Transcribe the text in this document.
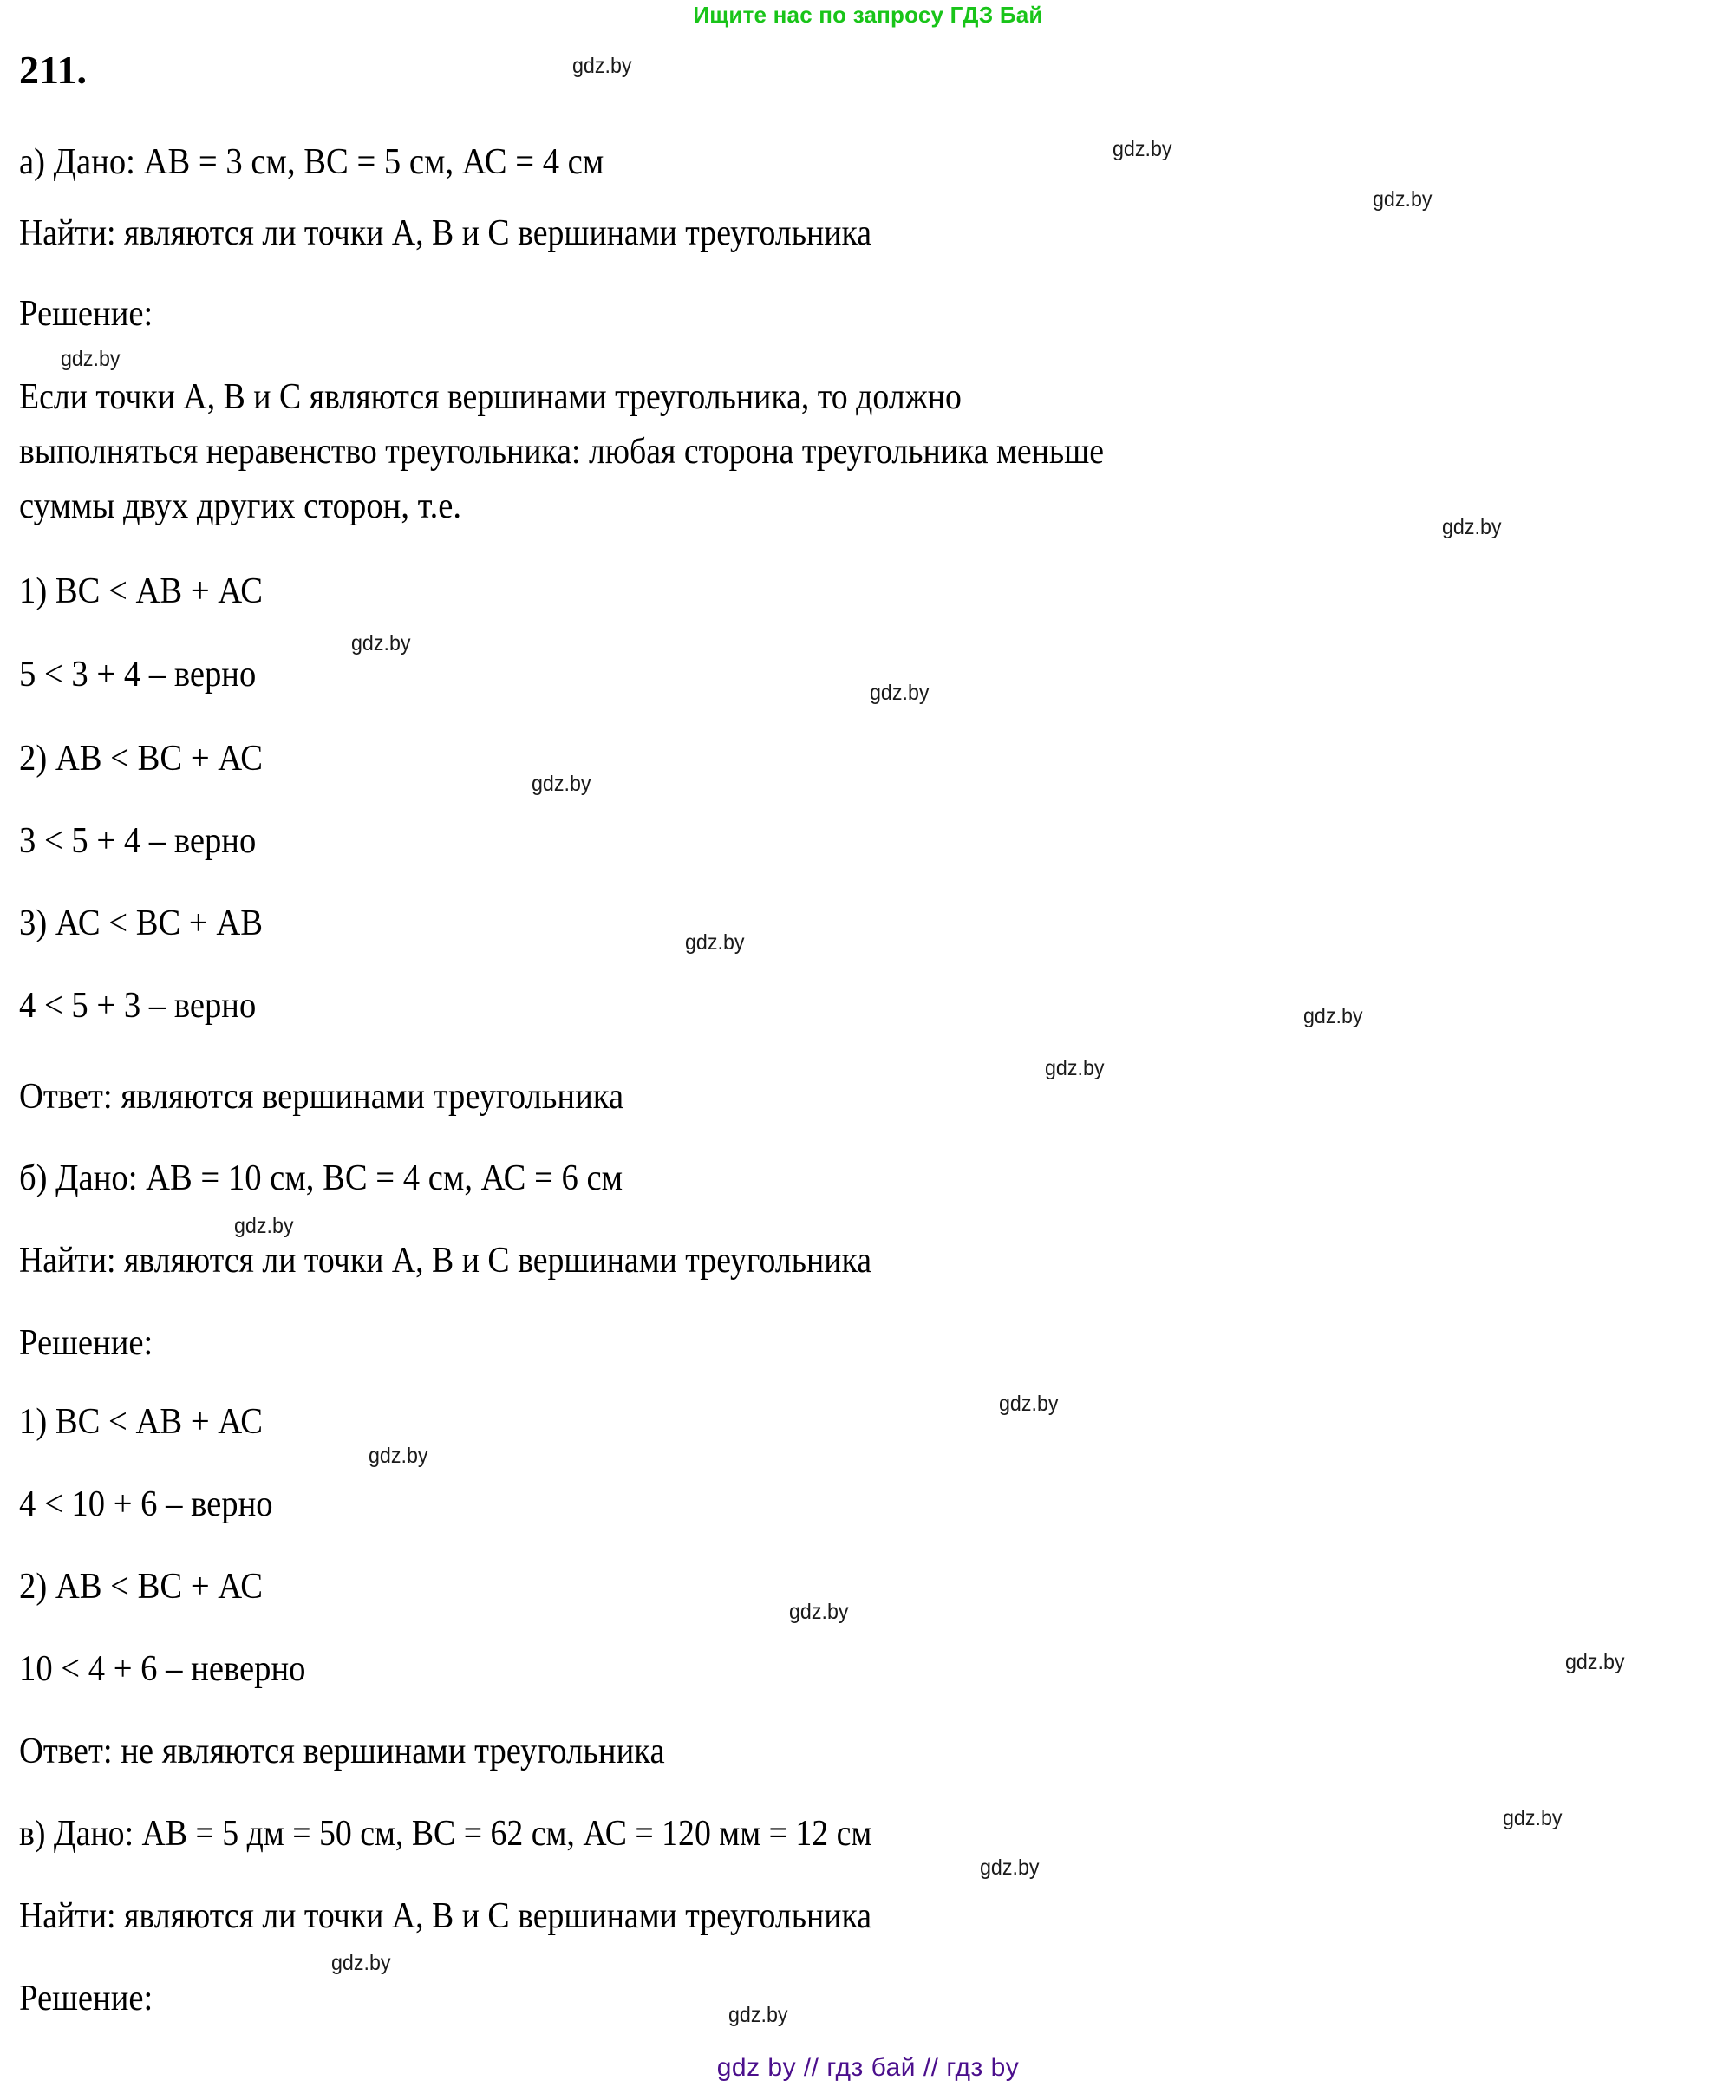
Ищите нас по запросу ГДЗ Бай
211.
а) Дано: АВ = 3 см, ВС = 5 см, АС = 4 см
Найти: являются ли точки А, В и С вершинами треугольника
Решение:
Если точки А, В и С являются вершинами треугольника, то должно
выполняться неравенство треугольника: любая сторона треугольника меньше
суммы двух других сторон, т.е.
1) ВС < АВ + АС
5 < 3 + 4 – верно
2) АВ < ВС + АС
3 < 5 + 4 – верно
3) АС < ВС + АВ
4 < 5 + 3 – верно
Ответ: являются вершинами треугольника
б) Дано: АВ = 10 см, ВС = 4 см, АС = 6 см
Найти: являются ли точки А, В и С вершинами треугольника
Решение:
1) ВС < АВ + АС
4 < 10 + 6 – верно
2) АВ < ВС + АС
10 < 4 + 6 – неверно
Ответ: не являются вершинами треугольника
в) Дано: АВ = 5 дм = 50 см, ВС = 62 см, АС = 120 мм = 12 см
Найти: являются ли точки А, В и С вершинами треугольника
Решение:
gdz.by
gdz.by
gdz.by
gdz.by
gdz.by
gdz.by
gdz.by
gdz.by
gdz.by
gdz.by
gdz.by
gdz.by
gdz.by
gdz.by
gdz.by
gdz.by
gdz.by
gdz.by
gdz.by
gdz.by
gdz by // гдз бай // гдз by
